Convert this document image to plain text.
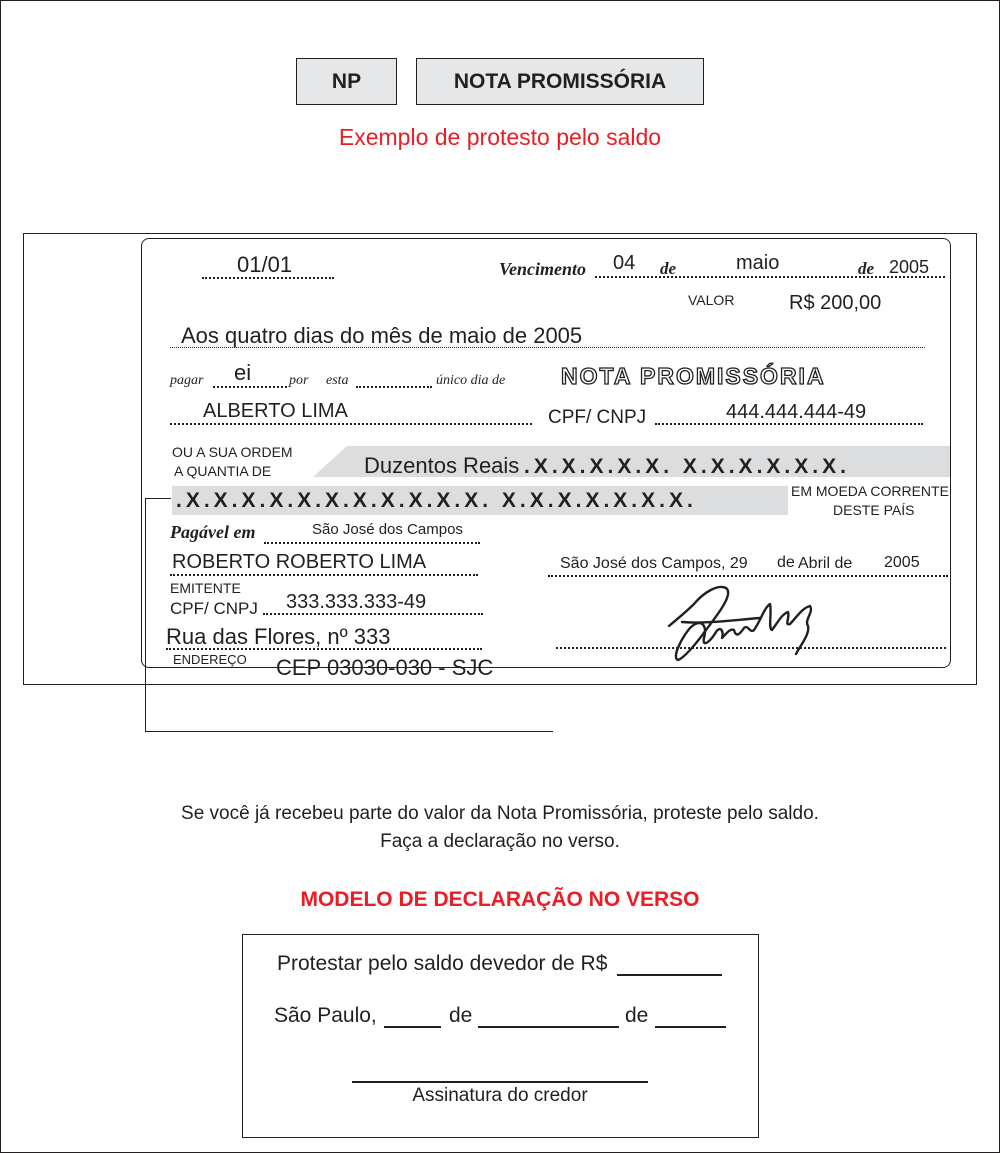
NP	NOTA PROMISSÓRIA
Exemplo de protesto pelo saldo
01/01	Vencimento 04 de	maio	de 2005
VALOR	R$ 200,00
Aos quatro dias do mês de maio de 2005
pagar ei	por esta	único dia de NOTA PROMISSÓRIA
ALBERTO LIMA	CPF/ CNPJ	444.444.444-49
OU A SUA ORDEM
A QUANTIA DE	Duzentos Reais .X.X.X.X.X. X.X.X.X.X.X.
.X.X.X.X.X.X.X.X.X.X.X. X.X.X.X.X.X.X.	EM MOEDA CORRENTE
DESTE PAÍS
Pagável em	São José dos Campos
ROBERTO ROBERTO LIMA
EMITENTE
CPF/ CNPJ 333.333.333-49
Rua das Flores, nº 333
ENDEREÇO CEP 03030-030 - SJC
São José dos Campos, 29 de Abril de 2005
Se você já recebeu parte do valor da Nota Promissória, proteste pelo saldo.
Faça a declaração no verso.
MODELO DE DECLARAÇÃO NO VERSO
Protestar pelo saldo devedor de R$
São Paulo,	de	de
Assinatura do credor
